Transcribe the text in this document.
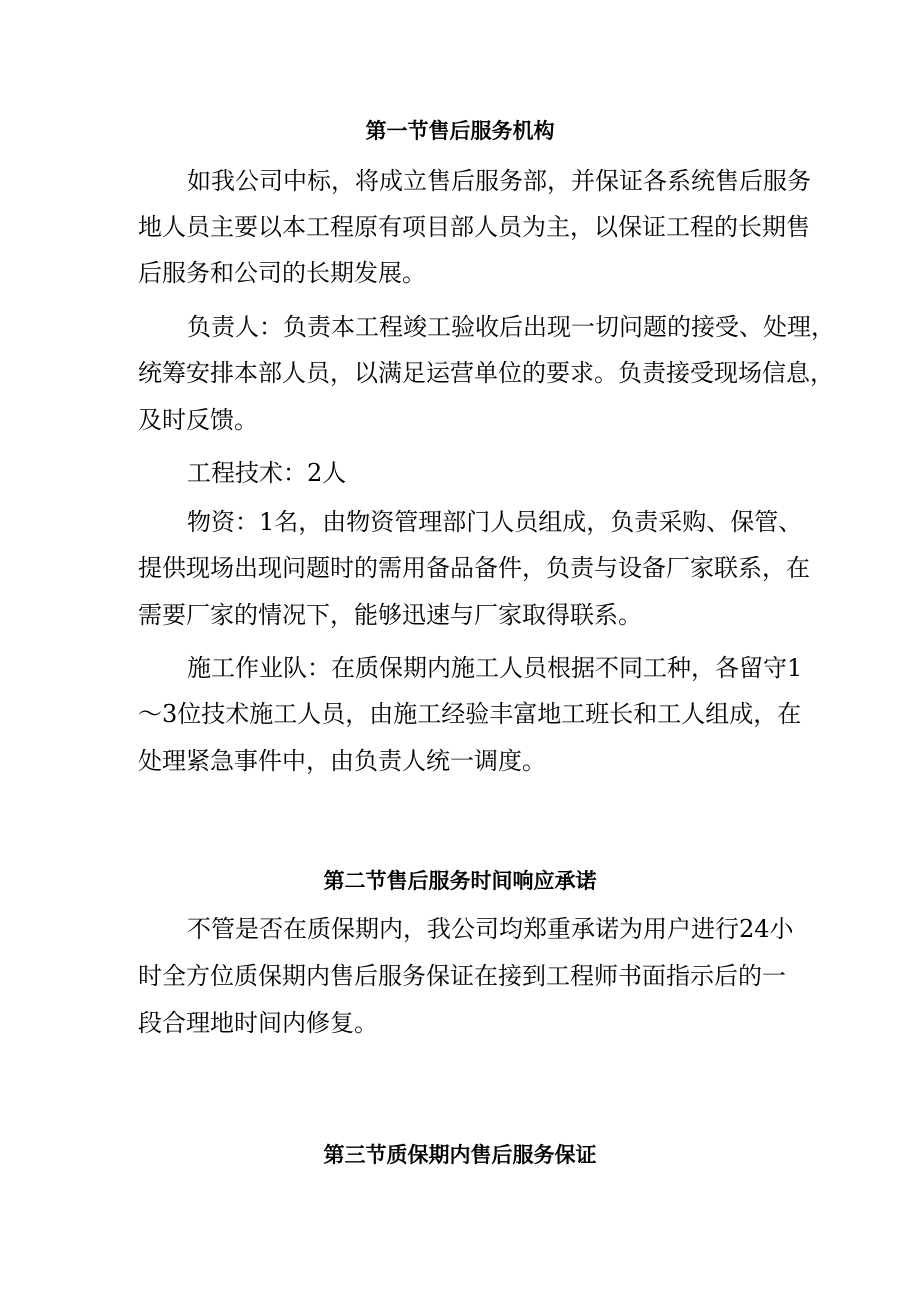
第一节售后服务机构

如我公司中标，将成立售后服务部，并保证各系统售后服务

地人员主要以本工程原有项目部人员为主，以保证工程的长期售

后服务和公司的长期发展。

负责人：负责本工程竣工验收后出现一切问题的接受、处理，

统筹安排本部人员，以满足运营单位的要求。负责接受现场信息，

及时反馈。

工程技术：2人

物资：1名，由物资管理部门人员组成，负责采购、保管、

提供现场出现问题时的需用备品备件，负责与设备厂家联系，在

需要厂家的情况下，能够迅速与厂家取得联系。

施工作业队：在质保期内施工人员根据不同工种，各留守1

～3位技术施工人员，由施工经验丰富地工班长和工人组成，在

处理紧急事件中，由负责人统一调度。

第二节售后服务时间响应承诺

不管是否在质保期内，我公司均郑重承诺为用户进行24小

时全方位质保期内售后服务保证在接到工程师书面指示后的一

段合理地时间内修复。

第三节质保期内售后服务保证
